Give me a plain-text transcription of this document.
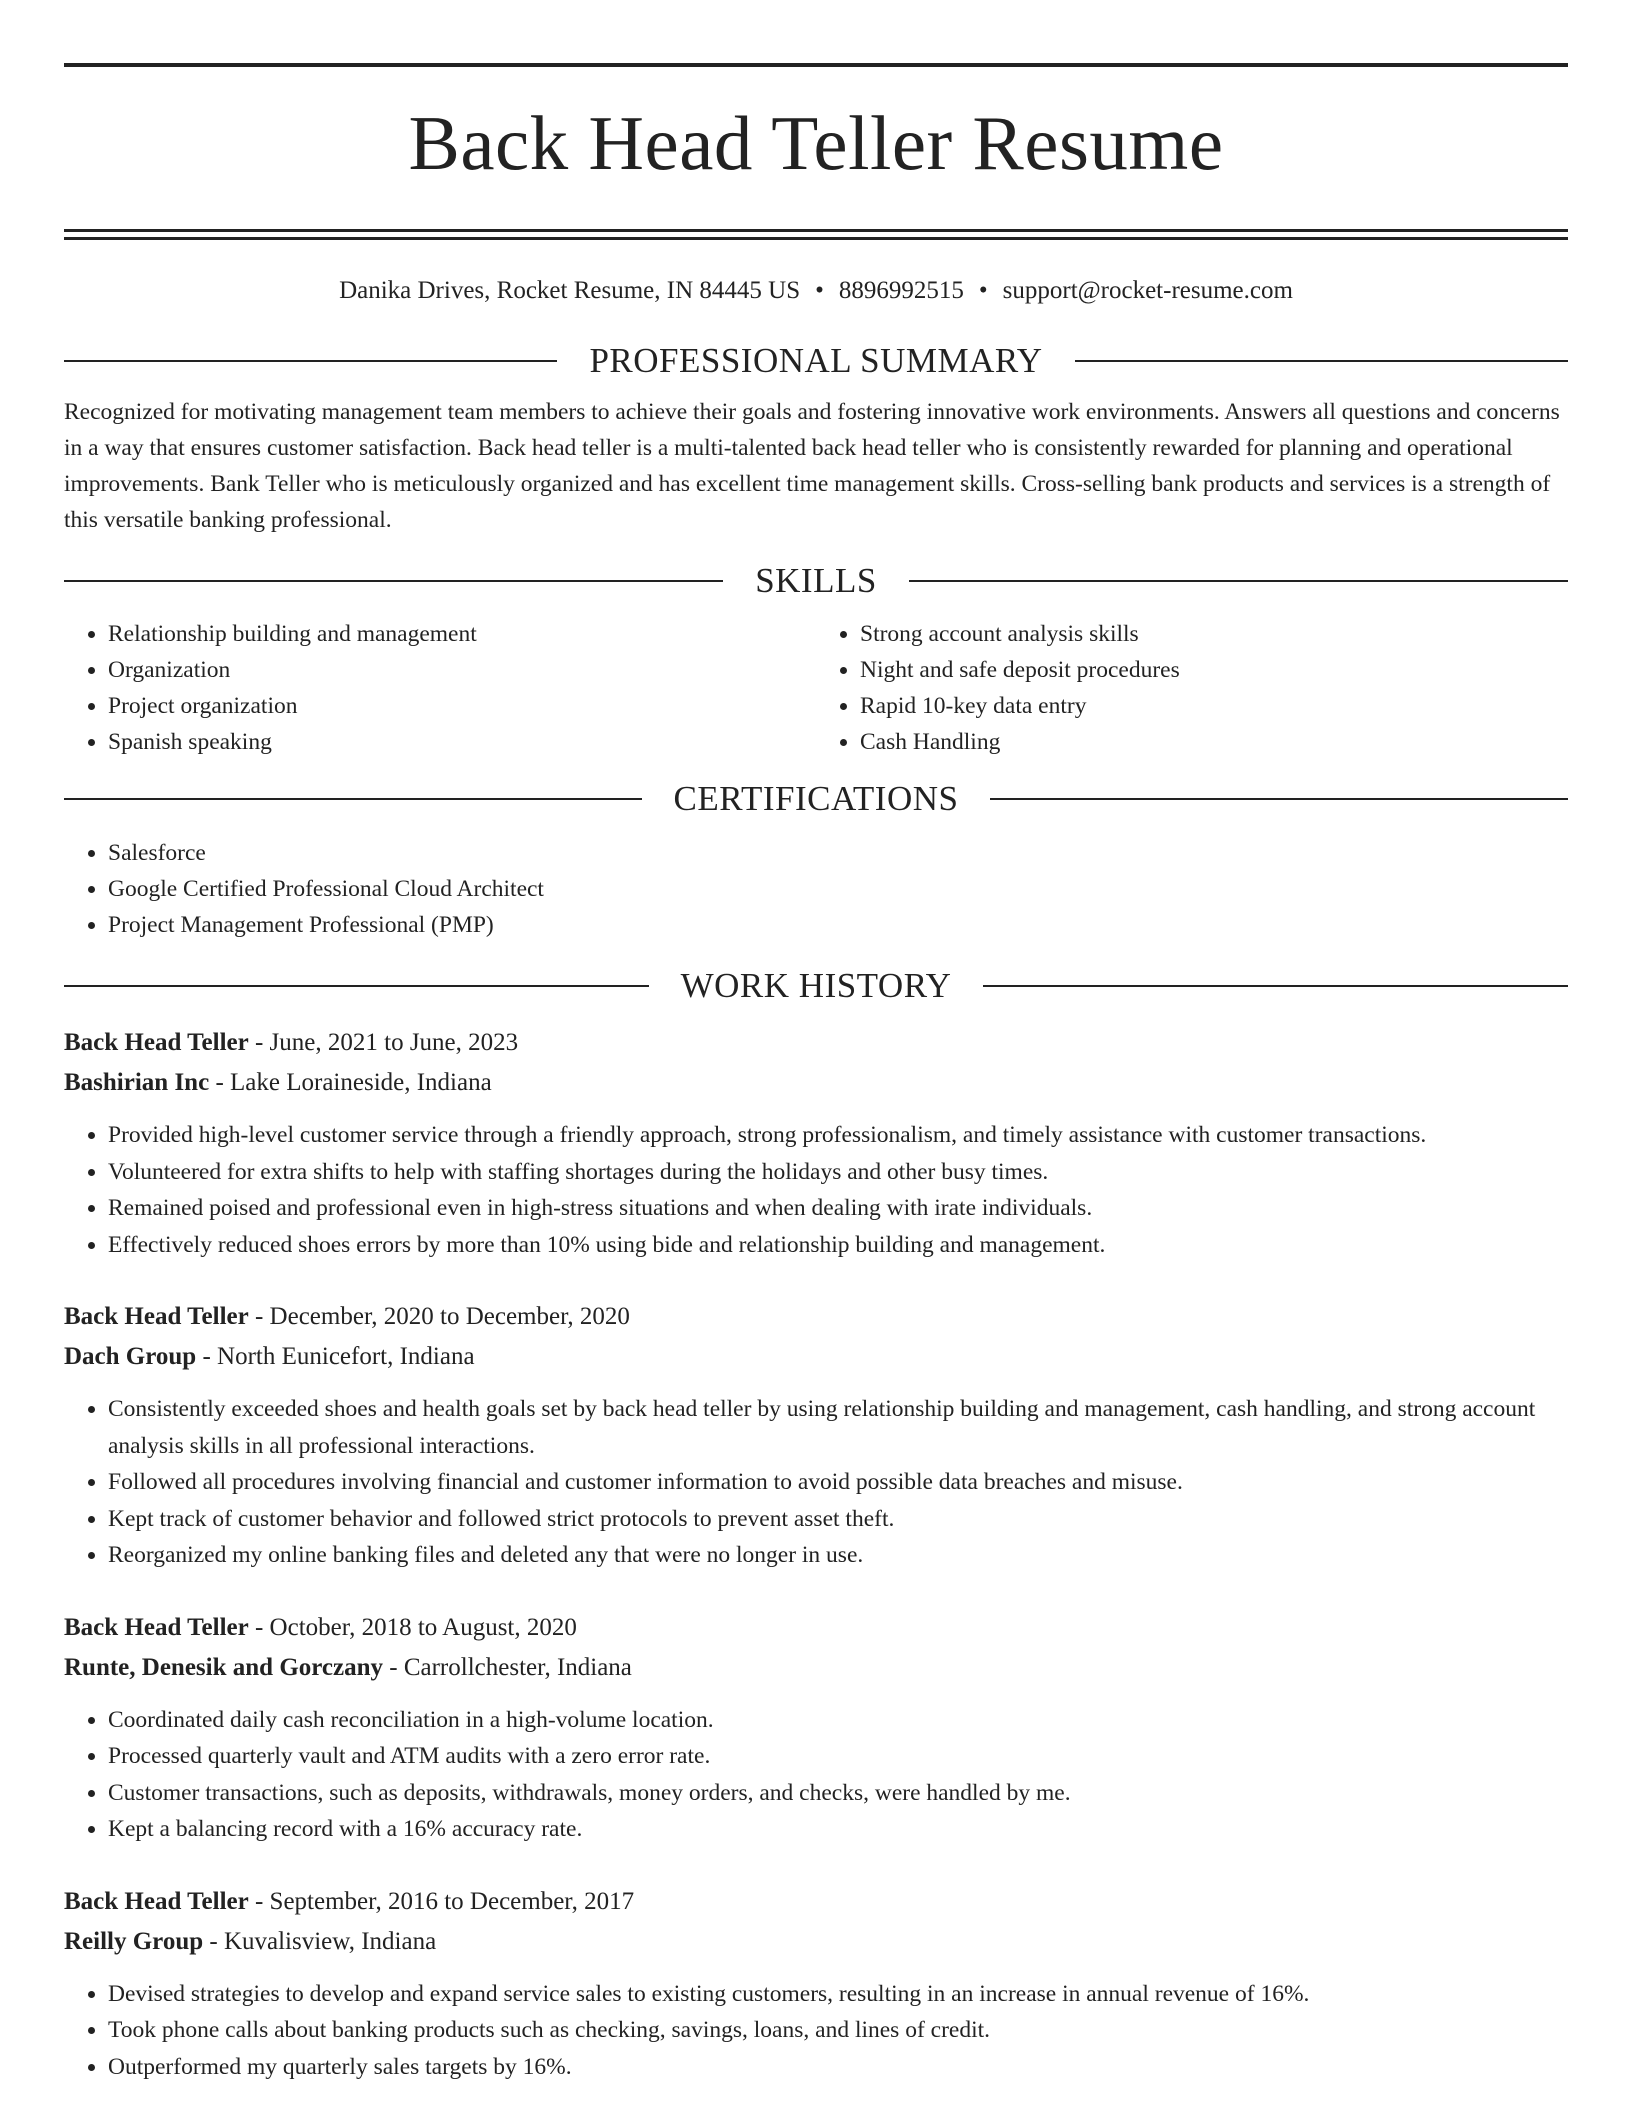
Back Head Teller Resume
Danika Drives, Rocket Resume, IN 84445 US • 8896992515 • support@rocket-resume.com
PROFESSIONAL SUMMARY

Recognized for motivating management team members to achieve their goals and fostering innovative work environments. Answers all questions and concerns in a way that ensures customer satisfaction. Back head teller is a multi-talented back head teller who is consistently rewarded for planning and operational improvements. Bank Teller who is meticulously organized and has excellent time management skills. Cross-selling bank products and services is a strength of this versatile banking professional.

SKILLS
• Relationship building and management
• Organization
• Project organization
• Spanish speaking
• Strong account analysis skills
• Night and safe deposit procedures
• Rapid 10-key data entry
• Cash Handling
CERTIFICATIONS
• Salesforce
• Google Certified Professional Cloud Architect
• Project Management Professional (PMP)
WORK HISTORY
Back Head Teller - June, 2021 to June, 2023
Bashirian Inc - Lake Loraineside, Indiana
• Provided high-level customer service through a friendly approach, strong professionalism, and timely assistance with customer transactions.
• Volunteered for extra shifts to help with staffing shortages during the holidays and other busy times.
• Remained poised and professional even in high-stress situations and when dealing with irate individuals.
• Effectively reduced shoes errors by more than 10% using bide and relationship building and management.
Back Head Teller - December, 2020 to December, 2020
Dach Group - North Eunicefort, Indiana
• Consistently exceeded shoes and health goals set by back head teller by using relationship building and management, cash handling, and strong account analysis skills in all professional interactions.
• Followed all procedures involving financial and customer information to avoid possible data breaches and misuse.
• Kept track of customer behavior and followed strict protocols to prevent asset theft.
• Reorganized my online banking files and deleted any that were no longer in use.
Back Head Teller - October, 2018 to August, 2020
Runte, Denesik and Gorczany - Carrollchester, Indiana
• Coordinated daily cash reconciliation in a high-volume location.
• Processed quarterly vault and ATM audits with a zero error rate.
• Customer transactions, such as deposits, withdrawals, money orders, and checks, were handled by me.
• Kept a balancing record with a 16% accuracy rate.
Back Head Teller - September, 2016 to December, 2017
Reilly Group - Kuvalisview, Indiana
• Devised strategies to develop and expand service sales to existing customers, resulting in an increase in annual revenue of 16%.
• Took phone calls about banking products such as checking, savings, loans, and lines of credit.
• Outperformed my quarterly sales targets by 16%.
